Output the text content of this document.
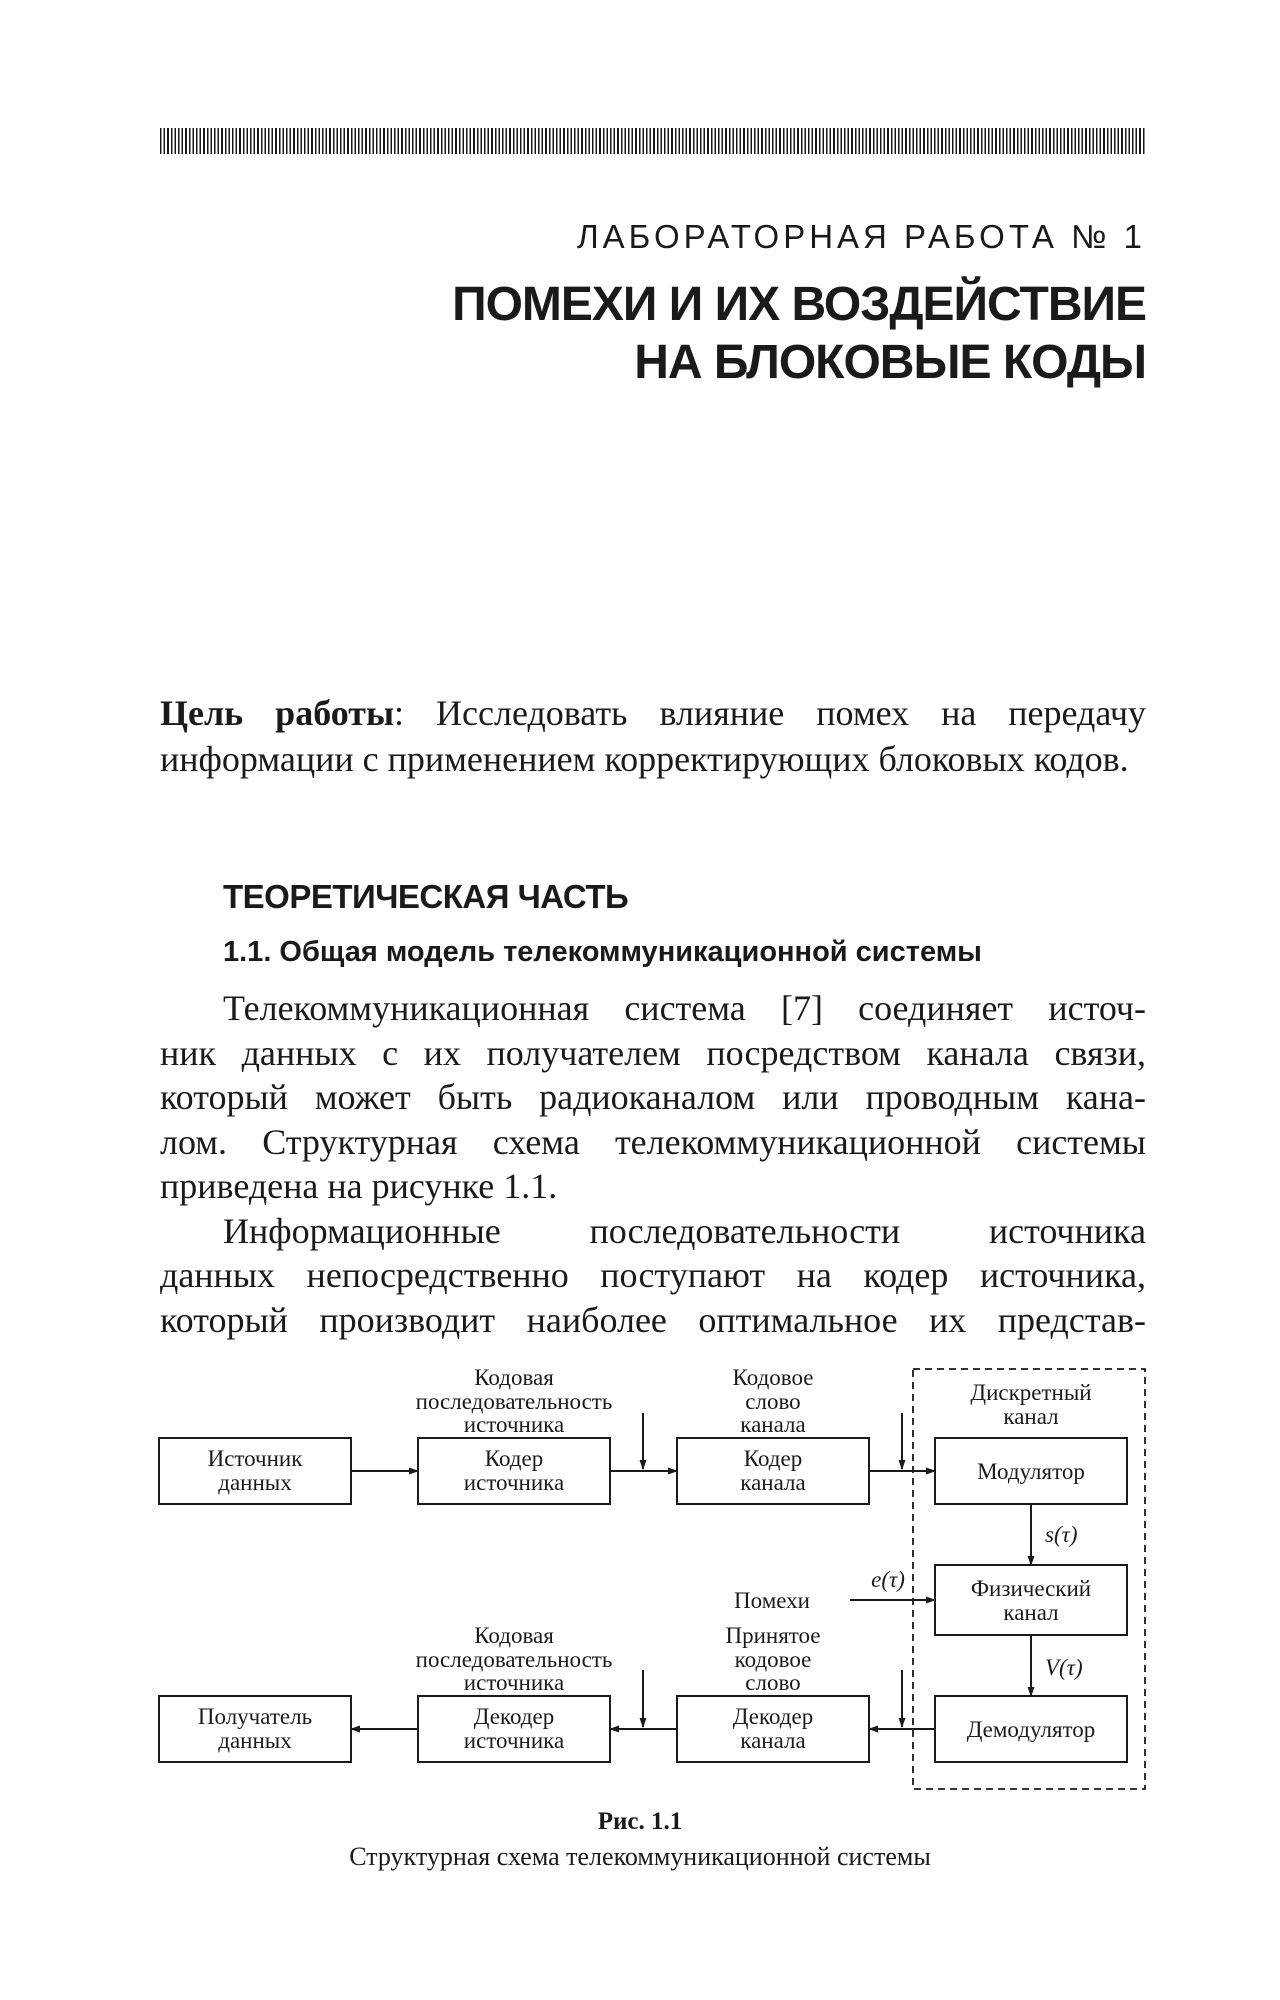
ЛАБОРАТОРНАЯ РАБОТА № 1
ПОМЕХИ И ИХ ВОЗДЕЙСТВИЕ
НА БЛОКОВЫЕ КОДЫ
Цель работы: Исследовать влияние помех на передачу информации с применением корректирующих блоковых кодов.
ТЕОРЕТИЧЕСКАЯ ЧАСТЬ
1.1. Общая модель телекоммуникационной системы
Телекоммуникационная система [7] соединяет источ-
ник данных с их получателем посредством канала связи,
который может быть радиоканалом или проводным кана-
лом. Структурная схема телекоммуникационной системы
приведена на рисунке 1.1.
Информационные последовательности источника
данных непосредственно поступают на кодер источника,
который производит наиболее оптимальное их представ-
Источник
данных
Кодер
источника
Кодер
канала	Модулятор
Кодовая
последовательность
источника
Кодовое
слово
канала
Дискретный
канал
s(τ)
V(τ)
e(τ)
Помехи	Физический
канал
Получатель
данных
Декодер
источника
Декодер
канала	Демодулятор
Кодовая
последовательность
источника
Принятое
кодовое
слово
Рис. 1.1
Структурная схема телекоммуникационной системы
